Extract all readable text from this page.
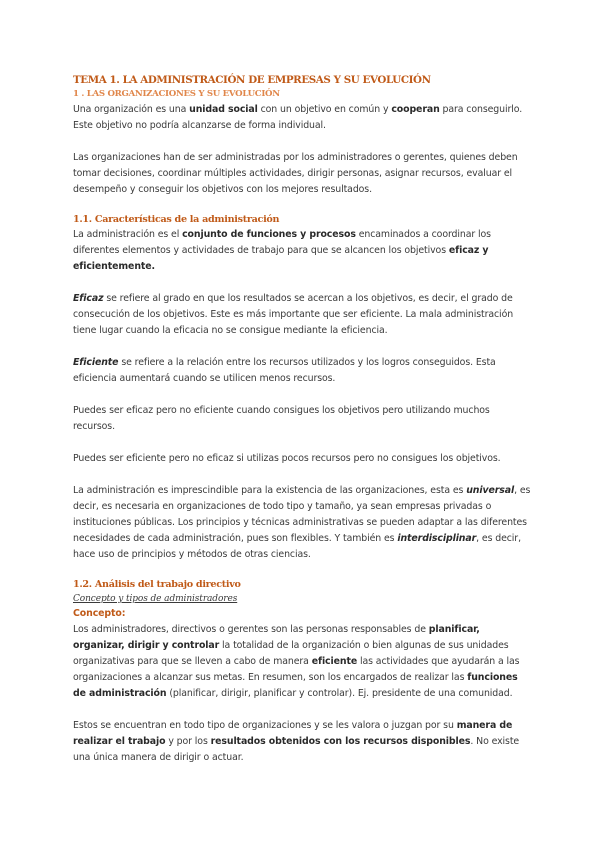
TEMA 1. LA ADMINISTRACIÓN DE EMPRESAS Y SU EVOLUCIÓN
1 . LAS ORGANIZACIONES Y SU EVOLUCIÓN

Una organización es una unidad social con un objetivo en común y cooperan para conseguirlo. Este objetivo no podría alcanzarse de forma individual.

Las organizaciones han de ser administradas por los administradores o gerentes, quienes deben tomar decisiones, coordinar múltiples actividades, dirigir personas, asignar recursos, evaluar el desempeño y conseguir los objetivos con los mejores resultados.

1.1. Características de la administración

La administración es el conjunto de funciones y procesos encaminados a coordinar los diferentes elementos y actividades de trabajo para que se alcancen los objetivos eficaz y eficientemente.

Eficaz se refiere al grado en que los resultados se acercan a los objetivos, es decir, el grado de consecución de los objetivos. Este es más importante que ser eficiente. La mala administración tiene lugar cuando la eficacia no se consigue mediante la eficiencia.

Eficiente se refiere a la relación entre los recursos utilizados y los logros conseguidos. Esta eficiencia aumentará cuando se utilicen menos recursos.

Puedes ser eficaz pero no eficiente cuando consigues los objetivos pero utilizando muchos recursos.

Puedes ser eficiente pero no eficaz si utilizas pocos recursos pero no consigues los objetivos.

La administración es imprescindible para la existencia de las organizaciones, esta es universal, es decir, es necesaria en organizaciones de todo tipo y tamaño, ya sean empresas privadas o instituciones públicas. Los principios y técnicas administrativas se pueden adaptar a las diferentes necesidades de cada administración, pues son flexibles. Y también es interdisciplinar, es decir, hace uso de principios y métodos de otras ciencias.

1.2. Análisis del trabajo directivo
Concepto y tipos de administradores
Concepto:

Los administradores, directivos o gerentes son las personas responsables de planificar, organizar, dirigir y controlar la totalidad de la organización o bien algunas de sus unidades organizativas para que se lleven a cabo de manera eficiente las actividades que ayudarán a las organizaciones a alcanzar sus metas. En resumen, son los encargados de realizar las funciones de administración (planificar, dirigir, planificar y controlar). Ej. presidente de una comunidad.

Estos se encuentran en todo tipo de organizaciones y se les valora o juzgan por su manera de realizar el trabajo y por los resultados obtenidos con los recursos disponibles. No existe una única manera de dirigir o actuar.
